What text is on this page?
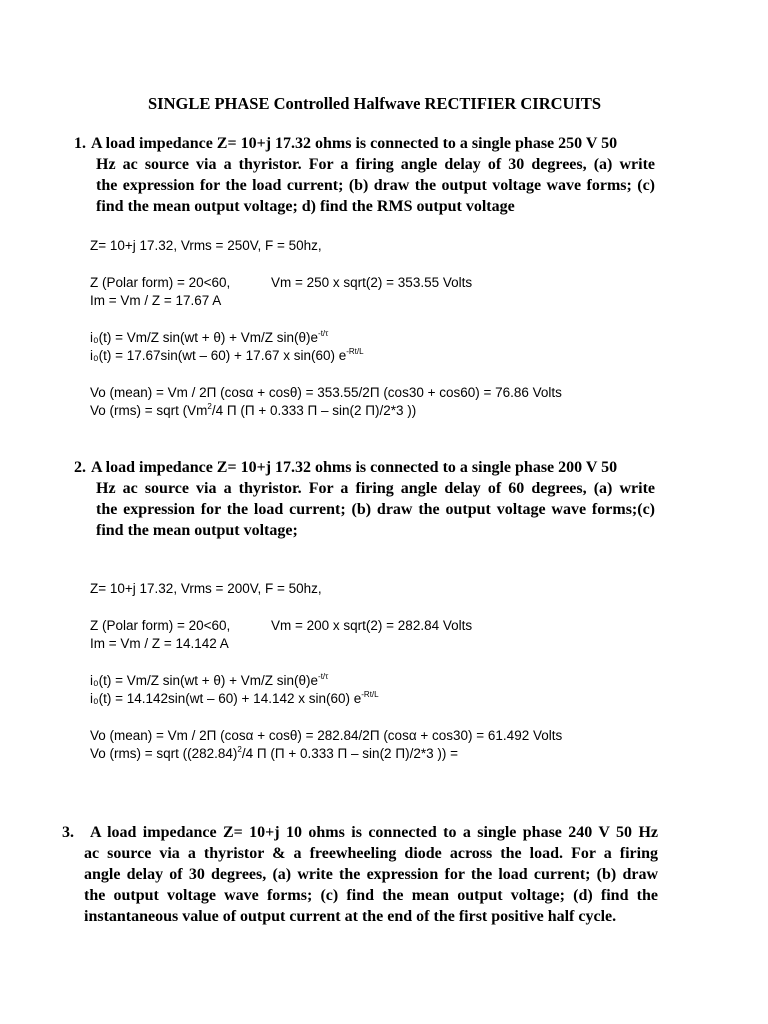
SINGLE PHASE Controlled Halfwave RECTIFIER CIRCUITS
1. A load impedance Z= 10+j 17.32 ohms is connected to a single phase 250 V 50
Hz ac source via a thyristor. For a firing angle delay of 30 degrees, (a) write
the expression for the load current; (b) draw the output voltage wave forms; (c)
find the mean output voltage; d) find the RMS output voltage
Z= 10+j 17.32, Vrms = 250V, F = 50hz,
Z (Polar form) = 20<60,	Vm = 250 x sqrt(2) = 353.55 Volts
Im = Vm / Z = 17.67 A
i₀(t) = Vm/Z sin(wt + θ) + Vm/Z $\sin(\theta)e^{-t/\tau}$
i₀(t) = 17.67sin(wt – 60) + 17.67 x sin(60) $e^{-Rt/L}$
Vo (mean) = Vm / 2Π (cosα + cosθ) = 353.55/2Π (cos30 + cos60) = 76.86 Volts
Vo (rms) = sqrt (Vm$^2$/4 Π (Π + 0.333 Π – sin(2 Π)/2*3 ))
2. A load impedance Z= 10+j 17.32 ohms is connected to a single phase 200 V 50
Hz ac source via a thyristor. For a firing angle delay of 60 degrees, (a) write
the expression for the load current; (b) draw the output voltage wave forms;(c)
find the mean output voltage;
Z= 10+j 17.32, Vrms = 200V, F = 50hz,
Z (Polar form) = 20<60,	Vm = 200 x sqrt(2) = 282.84 Volts
Im = Vm / Z = 14.142 A
i₀(t) = Vm/Z sin(wt + θ) + Vm/Z $\sin(\theta)e^{-t/\tau}$
i₀(t) = 14.142sin(wt – 60) + 14.142 x sin(60) $e^{-Rt/L}$
Vo (mean) = Vm / 2Π (cosα + cosθ) = 282.84/2Π (cosα + cos30) = 61.492 Volts
Vo (rms) = sqrt ($(282.84)^2/4$ Π (Π + 0.333 Π – sin(2 Π)/2*3 )) =
3.	A load impedance Z= 10+j 10 ohms is connected to a single phase 240 V 50 Hz
ac source via a thyristor & a freewheeling diode across the load. For a firing
angle delay of 30 degrees, (a) write the expression for the load current; (b) draw
the output voltage wave forms; (c) find the mean output voltage; (d) find the
instantaneous value of output current at the end of the first positive half cycle.
